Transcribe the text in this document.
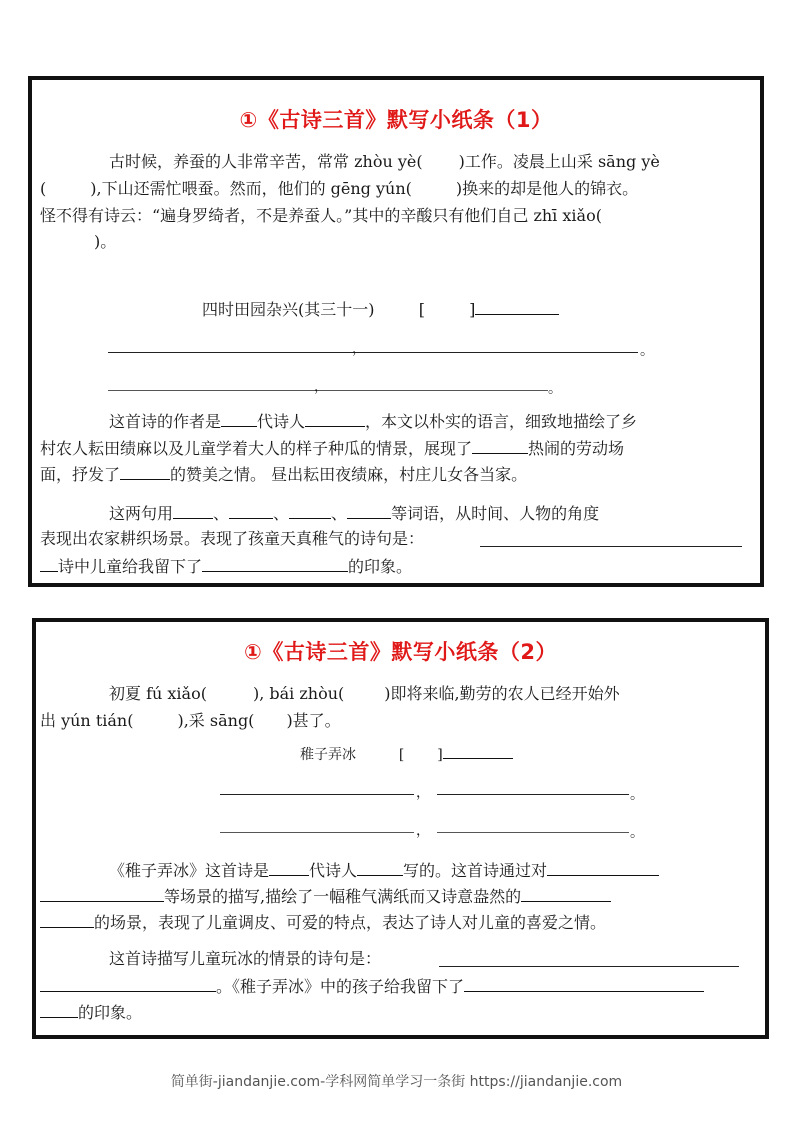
①《古诗三首》默写小纸条（1）
古时候，养蚕的人非常辛苦，常常 zhòu yè( )工作。凌晨上山采 sāng yè
(	),下山还需忙喂蚕。然而，他们的 gēng yún(	)换来的却是他人的锦衣。
怪不得有诗云：“遍身罗绮者，不是养蚕人。”其中的辛酸只有他们自己 zhī xiǎo(
)。
四时田园杂兴(其三十一)	[	]
，	。
，	。
这首诗的作者是 代诗人	，本文以朴实的语言，细致地描绘了乡
村农人耘田绩麻以及儿童学着大人的样子种瓜的情景，展现了	热闹的劳动场
面，抒发了	的赞美之情。 昼出耘田夜绩麻，村庄儿女各当家。
这两句用	、	、	、	等词语，从时间、人物的角度
表现出农家耕织场景。表现了孩童天真稚气的诗句是：
诗中儿童给我留下了	的印象。
①《古诗三首》默写小纸条（2）
初夏 fú xiǎo(	), bái zhòu(	)即将来临,勤劳的农人已经开始外
出 yún tián(	),采 sāng( )甚了。
稚子弄冰	[ ]
，	。
，	。
《稚子弄冰》这首诗是	代诗人	写的。这首诗通过对
等场景的描写,描绘了一幅稚气满纸而又诗意盎然的
的场景，表现了儿童调皮、可爱的特点，表达了诗人对儿童的喜爱之情。
这首诗描写儿童玩冰的情景的诗句是：
。《稚子弄冰》中的孩子给我留下了
的印象。
简单街-jiandanjie.com-学科网简单学习一条街 https://jiandanjie.com
